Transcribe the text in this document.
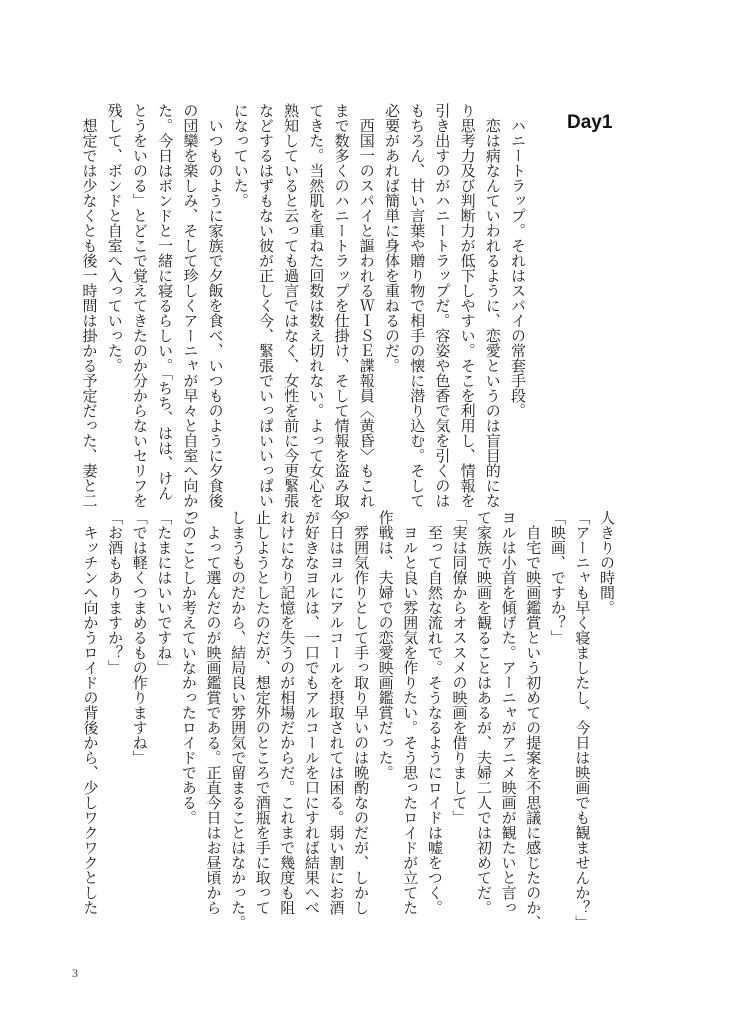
Day1
　ハニートラップ。それはスパイの常套手段。
　恋は病なんていわれるように、恋愛というのは盲目的にな
り思考力及び判断力が低下しやすい。そこを利用し、情報を
引き出すのがハニートラップだ。容姿や色香で気を引くのは
もちろん、甘い言葉や贈り物で相手の懐に潜り込む。そして
必要があれば簡単に身体を重ねるのだ。
　西国一のスパイと謳われるＷＩＳＥ諜報員〈黄昏〉もこれ
まで数多くのハニートラップを仕掛け、そして情報を盗み取っ
てきた。当然肌を重ねた回数は数え切れない。よって女心を
熟知していると云っても過言ではなく、女性を前に今更緊張
などするはずもない彼が正しく今、緊張でいっぱいいっぱい
になっていた。
　いつものように家族で夕飯を食べ、いつものように夕食後
の団欒を楽しみ、そして珍しくアーニャが早々と自室へ向かっ
た。今日はボンドと一緒に寝るらしい。「ちち、はは、けん
とうをいのる」とどこで覚えてきたのか分からないセリフを
残して、ボンドと自室へ入っていった。
　想定では少なくとも後一時間は掛かる予定だった、妻と二
人きりの時間。
「アーニャも早く寝ましたし、今日は映画でも観ませんか？」
「映画、ですか？」
　自宅で映画鑑賞という初めての提案を不思議に感じたのか、
ヨルは小首を傾げた。アーニャがアニメ映画が観たいと言っ
て家族で映画を観ることはあるが、夫婦二人では初めてだ。
「実は同僚からオススメの映画を借りまして」
　至って自然な流れで。そうなるようにロイドは嘘をつく。
　ヨルと良い雰囲気を作りたい。そう思ったロイドが立てた
作戦は、夫婦での恋愛映画鑑賞だった。
　雰囲気作りとして手っ取り早いのは晩酌なのだが、しかし
今日はヨルにアルコールを摂取されては困る。弱い割にお酒
が好きなヨルは、一口でもアルコールを口にすれば結果へべ
れけになり記憶を失うのが相場だからだ。これまで幾度も阻
止しようとしたのだが、想定外のところで酒瓶を手に取って
しまうものだから、結局良い雰囲気で留まることはなかった。
　よって選んだのが映画鑑賞である。正直今日はお昼頃から
このことしか考えていなかったロイドである。
「たまにはいいですね」
「では軽くつまめるもの作りますね」
「お酒もありますか？」
　キッチンへ向かうロイドの背後から、少しワクワクとした
3
